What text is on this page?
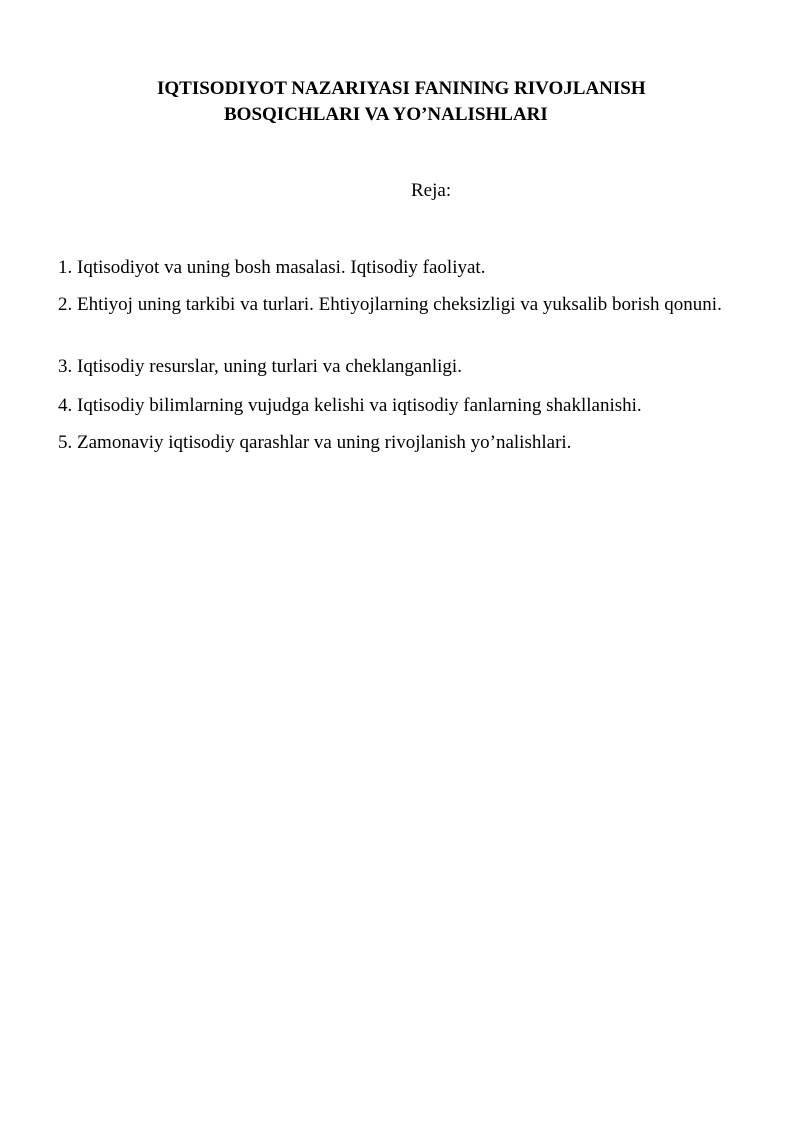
IQTISODIYOT NAZARIYASI FANINING RIVOJLANISH
BOSQICHLARI VA YO’NALISHLARI
Reja:
1. Iqtisodiyot va uning bosh masalasi. Iqtisodiy faoliyat.
2. Ehtiyoj uning tarkibi va turlari. Ehtiyojlarning cheksizligi va yuksalib borish qonuni.
3. Iqtisodiy resurslar, uning turlari va cheklanganligi.
4. Iqtisodiy bilimlarning vujudga kelishi va iqtisodiy fanlarning shakllanishi.
5. Zamonaviy iqtisodiy qarashlar va uning rivojlanish yo’nalishlari.
